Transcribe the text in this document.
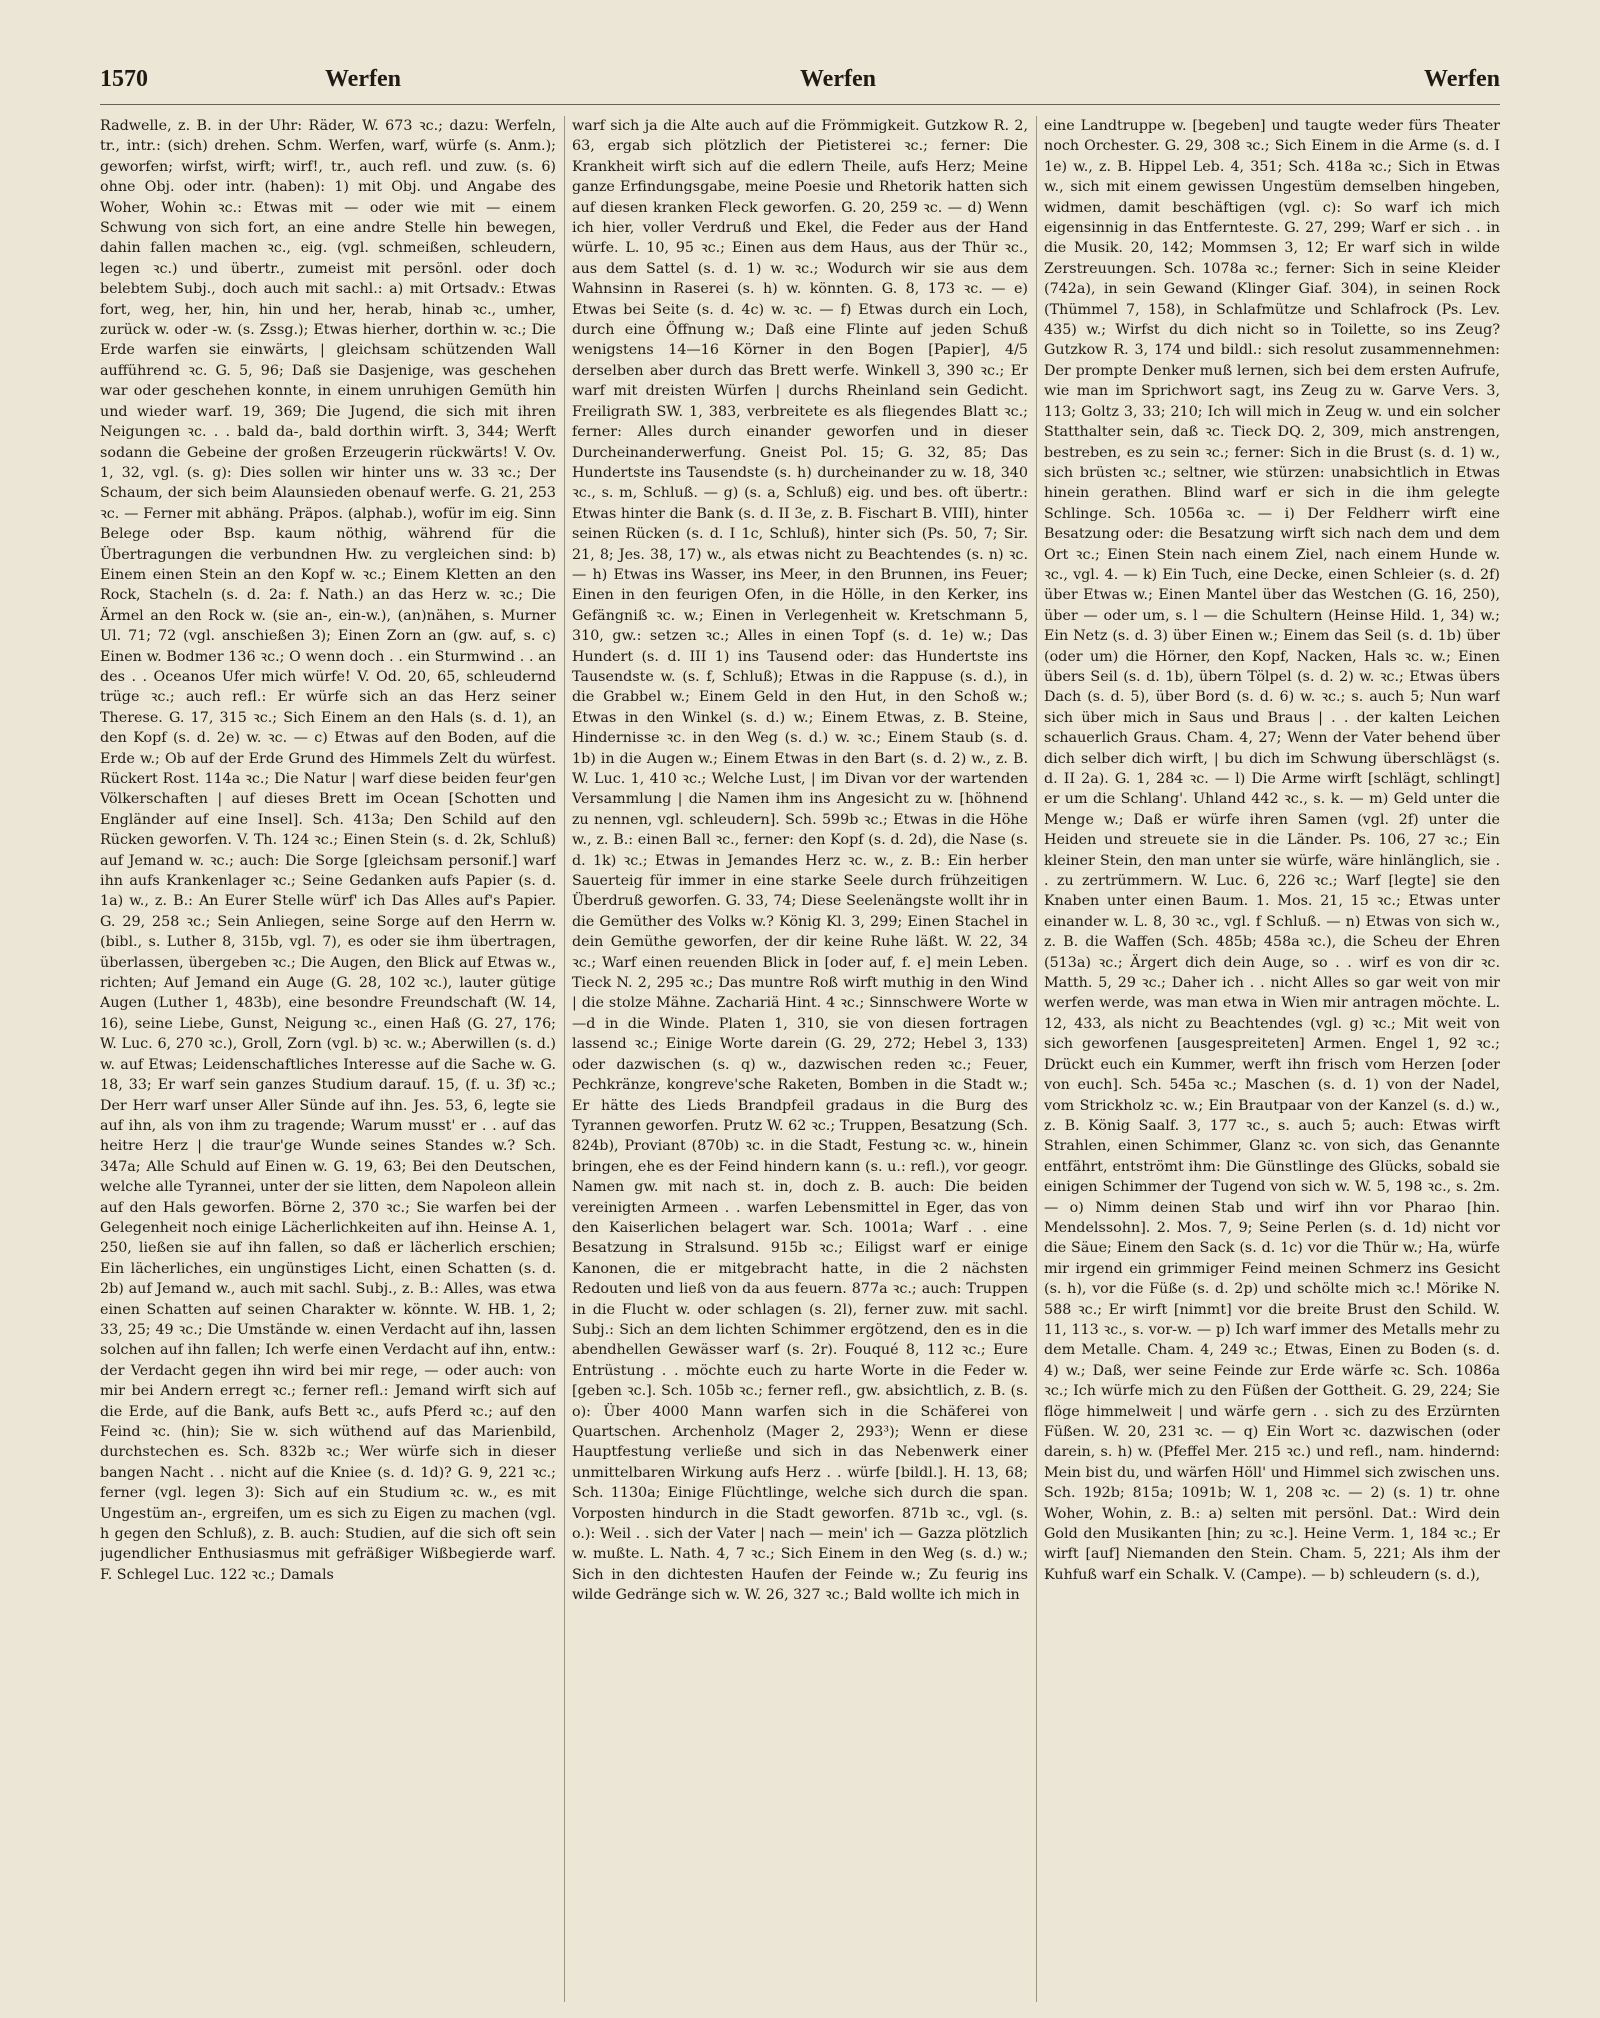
1570	Werfen	Werfen	Werfen

Radwelle, z. B. in der Uhr: Räder, W. 673 ꝛc.; dazu: Werfeln, tr., intr.: (sich) drehen. Schm. Werfen, warf, würfe (s. Anm.); geworfen; wirfst, wirft; wirf!, tr., auch refl. und zuw. (s. 6) ohne Obj. oder intr. (haben): 1) mit Obj. und Angabe des Woher, Wohin ꝛc.: Etwas mit — oder wie mit — einem Schwung von sich fort, an eine andre Stelle hin bewegen, dahin fallen machen ꝛc., eig. (vgl. schmeißen, schleudern, legen ꝛc.) und übertr., zumeist mit persönl. oder doch belebtem Subj., doch auch mit sachl.: a) mit Ortsadv.: Etwas fort, weg, her, hin, hin und her, herab, hinab ꝛc., umher, zurück w. oder -w. (s. Zssg.); Etwas hierher, dorthin w. ꝛc.; Die Erde warfen sie einwärts, | gleichsam schützenden Wall aufführend ꝛc. G. 5, 96; Daß sie Dasjenige, was geschehen war oder geschehen konnte, in einem unruhigen Gemüth hin und wieder warf. 19, 369; Die Jugend, die sich mit ihren Neigungen ꝛc. . . bald da-, bald dorthin wirft. 3, 344; Werft sodann die Gebeine der großen Erzeugerin rückwärts! V. Ov. 1, 32, vgl. (s. g): Dies sollen wir hinter uns w. 33 ꝛc.; Der Schaum, der sich beim Alaunsieden obenauf werfe. G. 21, 253 ꝛc. — Ferner mit abhäng. Präpos. (alphab.), wofür im eig. Sinn Belege oder Bsp. kaum nöthig, während für die Übertragungen die verbundnen Hw. zu vergleichen sind: b) Einem einen Stein an den Kopf w. ꝛc.; Einem Kletten an den Rock, Stacheln (s. d. 2a: f. Nath.) an das Herz w. ꝛc.; Die Ärmel an den Rock w. (sie an-, ein-w.), (an)nähen, s. Murner Ul. 71; 72 (vgl. anschießen 3); Einen Zorn an (gw. auf, s. c) Einen w. Bodmer 136 ꝛc.; O wenn doch . . ein Sturmwind . . an des . . Oceanos Ufer mich würfe! V. Od. 20, 65, schleudernd trüge ꝛc.; auch refl.: Er würfe sich an das Herz seiner Therese. G. 17, 315 ꝛc.; Sich Einem an den Hals (s. d. 1), an den Kopf (s. d. 2e) w. ꝛc. — c) Etwas auf den Boden, auf die Erde w.; Ob auf der Erde Grund des Himmels Zelt du würfest. Rückert Rost. 114a ꝛc.; Die Natur | warf diese beiden feur'gen Völkerschaften | auf dieses Brett im Ocean [Schotten und Engländer auf eine Insel]. Sch. 413a; Den Schild auf den Rücken geworfen. V. Th. 124 ꝛc.; Einen Stein (s. d. 2k, Schluß) auf Jemand w. ꝛc.; auch: Die Sorge [gleichsam personif.] warf ihn aufs Krankenlager ꝛc.; Seine Gedanken aufs Papier (s. d. 1a) w., z. B.: An Eurer Stelle würf' ich Das Alles auf's Papier. G. 29, 258 ꝛc.; Sein Anliegen, seine Sorge auf den Herrn w. (bibl., s. Luther 8, 315b, vgl. 7), es oder sie ihm übertragen, überlassen, übergeben ꝛc.; Die Augen, den Blick auf Etwas w., richten; Auf Jemand ein Auge (G. 28, 102 ꝛc.), lauter gütige Augen (Luther 1, 483b), eine besondre Freundschaft (W. 14, 16), seine Liebe, Gunst, Neigung ꝛc., einen Haß (G. 27, 176; W. Luc. 6, 270 ꝛc.), Groll, Zorn (vgl. b) ꝛc. w.; Aberwillen (s. d.) w. auf Etwas; Leidenschaftliches Interesse auf die Sache w. G. 18, 33; Er warf sein ganzes Studium darauf. 15, (f. u. 3f) ꝛc.; Der Herr warf unser Aller Sünde auf ihn. Jes. 53, 6, legte sie auf ihn, als von ihm zu tragende; Warum musst' er . . auf das heitre Herz | die traur'ge Wunde seines Standes w.? Sch. 347a; Alle Schuld auf Einen w. G. 19, 63; Bei den Deutschen, welche alle Tyrannei, unter der sie litten, dem Napoleon allein auf den Hals geworfen. Börne 2, 370 ꝛc.; Sie warfen bei der Gelegenheit noch einige Lächerlichkeiten auf ihn. Heinse A. 1, 250, ließen sie auf ihn fallen, so daß er lächerlich erschien; Ein lächerliches, ein ungünstiges Licht, einen Schatten (s. d. 2b) auf Jemand w., auch mit sachl. Subj., z. B.: Alles, was etwa einen Schatten auf seinen Charakter w. könnte. W. HB. 1, 2; 33, 25; 49 ꝛc.; Die Umstände w. einen Verdacht auf ihn, lassen solchen auf ihn fallen; Ich werfe einen Verdacht auf ihn, entw.: der Verdacht gegen ihn wird bei mir rege, — oder auch: von mir bei Andern erregt ꝛc.; ferner refl.: Jemand wirft sich auf die Erde, auf die Bank, aufs Bett ꝛc., aufs Pferd ꝛc.; auf den Feind ꝛc. (hin); Sie w. sich wüthend auf das Marienbild, durchstechen es. Sch. 832b ꝛc.; Wer würfe sich in dieser bangen Nacht . . nicht auf die Kniee (s. d. 1d)? G. 9, 221 ꝛc.; ferner (vgl. legen 3): Sich auf ein Studium ꝛc. w., es mit Ungestüm an-, ergreifen, um es sich zu Eigen zu machen (vgl. h gegen den Schluß), z. B. auch: Studien, auf die sich oft sein jugendlicher Enthusiasmus mit gefräßiger Wißbegierde warf. F. Schlegel Luc. 122 ꝛc.; Damals

warf sich ja die Alte auch auf die Frömmigkeit. Gutzkow R. 2, 63, ergab sich plötzlich der Pietisterei ꝛc.; ferner: Die Krankheit wirft sich auf die edlern Theile, aufs Herz; Meine ganze Erfindungsgabe, meine Poesie und Rhetorik hatten sich auf diesen kranken Fleck geworfen. G. 20, 259 ꝛc. — d) Wenn ich hier, voller Verdruß und Ekel, die Feder aus der Hand würfe. L. 10, 95 ꝛc.; Einen aus dem Haus, aus der Thür ꝛc., aus dem Sattel (s. d. 1) w. ꝛc.; Wodurch wir sie aus dem Wahnsinn in Raserei (s. h) w. könnten. G. 8, 173 ꝛc. — e) Etwas bei Seite (s. d. 4c) w. ꝛc. — f) Etwas durch ein Loch, durch eine Öffnung w.; Daß eine Flinte auf jeden Schuß wenigstens 14—16 Körner in den Bogen [Papier], 4/5 derselben aber durch das Brett werfe. Winkell 3, 390 ꝛc.; Er warf mit dreisten Würfen | durchs Rheinland sein Gedicht. Freiligrath SW. 1, 383, verbreitete es als fliegendes Blatt ꝛc.; ferner: Alles durch einander geworfen und in dieser Durcheinanderwerfung. Gneist Pol. 15; G. 32, 85; Das Hundertste ins Tausendste (s. h) durcheinander zu w. 18, 340 ꝛc., s. m, Schluß. — g) (s. a, Schluß) eig. und bes. oft übertr.: Etwas hinter die Bank (s. d. II 3e, z. B. Fischart B. VIII), hinter seinen Rücken (s. d. I 1c, Schluß), hinter sich (Ps. 50, 7; Sir. 21, 8; Jes. 38, 17) w., als etwas nicht zu Beachtendes (s. n) ꝛc. — h) Etwas ins Wasser, ins Meer, in den Brunnen, ins Feuer; Einen in den feurigen Ofen, in die Hölle, in den Kerker, ins Gefängniß ꝛc. w.; Einen in Verlegenheit w. Kretschmann 5, 310, gw.: setzen ꝛc.; Alles in einen Topf (s. d. 1e) w.; Das Hundert (s. d. III 1) ins Tausend oder: das Hundertste ins Tausendste w. (s. f, Schluß); Etwas in die Rappuse (s. d.), in die Grabbel w.; Einem Geld in den Hut, in den Schoß w.; Etwas in den Winkel (s. d.) w.; Einem Etwas, z. B. Steine, Hindernisse ꝛc. in den Weg (s. d.) w. ꝛc.; Einem Staub (s. d. 1b) in die Augen w.; Einem Etwas in den Bart (s. d. 2) w., z. B. W. Luc. 1, 410 ꝛc.; Welche Lust, | im Divan vor der wartenden Versammlung | die Namen ihm ins Angesicht zu w. [höhnend zu nennen, vgl. schleudern]. Sch. 599b ꝛc.; Etwas in die Höhe w., z. B.: einen Ball ꝛc., ferner: den Kopf (s. d. 2d), die Nase (s. d. 1k) ꝛc.; Etwas in Jemandes Herz ꝛc. w., z. B.: Ein herber Sauerteig für immer in eine starke Seele durch frühzeitigen Überdruß geworfen. G. 33, 74; Diese Seelenängste wollt ihr in die Gemüther des Volks w.? König Kl. 3, 299; Einen Stachel in dein Gemüthe geworfen, der dir keine Ruhe läßt. W. 22, 34 ꝛc.; Warf einen reuenden Blick in [oder auf, f. e] mein Leben. Tieck N. 2, 295 ꝛc.; Das muntre Roß wirft muthig in den Wind | die stolze Mähne. Zachariä Hint. 4 ꝛc.; Sinnschwere Worte w—d in die Winde. Platen 1, 310, sie von diesen fortragen lassend ꝛc.; Einige Worte darein (G. 29, 272; Hebel 3, 133) oder dazwischen (s. q) w., dazwischen reden ꝛc.; Feuer, Pechkränze, kongreve'sche Raketen, Bomben in die Stadt w.; Er hätte des Lieds Brandpfeil gradaus in die Burg des Tyrannen geworfen. Prutz W. 62 ꝛc.; Truppen, Besatzung (Sch. 824b), Proviant (870b) ꝛc. in die Stadt, Festung ꝛc. w., hinein bringen, ehe es der Feind hindern kann (s. u.: refl.), vor geogr. Namen gw. mit nach st. in, doch z. B. auch: Die beiden vereinigten Armeen . . warfen Lebensmittel in Eger, das von den Kaiserlichen belagert war. Sch. 1001a; Warf . . eine Besatzung in Stralsund. 915b ꝛc.; Eiligst warf er einige Kanonen, die er mitgebracht hatte, in die 2 nächsten Redouten und ließ von da aus feuern. 877a ꝛc.; auch: Truppen in die Flucht w. oder schlagen (s. 2l), ferner zuw. mit sachl. Subj.: Sich an dem lichten Schimmer ergötzend, den es in die abendhellen Gewässer warf (s. 2r). Fouqué 8, 112 ꝛc.; Eure Entrüstung . . möchte euch zu harte Worte in die Feder w. [geben ꝛc.]. Sch. 105b ꝛc.; ferner refl., gw. absichtlich, z. B. (s. o): Über 4000 Mann warfen sich in die Schäferei von Quartschen. Archenholz (Mager 2, 293³); Wenn er diese Hauptfestung verließe und sich in das Nebenwerk einer unmittelbaren Wirkung aufs Herz . . würfe [bildl.]. H. 13, 68; Sch. 1130a; Einige Flüchtlinge, welche sich durch die span. Vorposten hindurch in die Stadt geworfen. 871b ꝛc., vgl. (s. o.): Weil . . sich der Vater | nach — mein' ich — Gazza plötzlich w. mußte. L. Nath. 4, 7 ꝛc.; Sich Einem in den Weg (s. d.) w.; Sich in den dichtesten Haufen der Feinde w.; Zu feurig ins wilde Gedränge sich w. W. 26, 327 ꝛc.; Bald wollte ich mich in

eine Landtruppe w. [begeben] und taugte weder fürs Theater noch Orchester. G. 29, 308 ꝛc.; Sich Einem in die Arme (s. d. I 1e) w., z. B. Hippel Leb. 4, 351; Sch. 418a ꝛc.; Sich in Etwas w., sich mit einem gewissen Ungestüm demselben hingeben, widmen, damit beschäftigen (vgl. c): So warf ich mich eigensinnig in das Entfernteste. G. 27, 299; Warf er sich . . in die Musik. 20, 142; Mommsen 3, 12; Er warf sich in wilde Zerstreuungen. Sch. 1078a ꝛc.; ferner: Sich in seine Kleider (742a), in sein Gewand (Klinger Giaf. 304), in seinen Rock (Thümmel 7, 158), in Schlafmütze und Schlafrock (Ps. Lev. 435) w.; Wirfst du dich nicht so in Toilette, so ins Zeug? Gutzkow R. 3, 174 und bildl.: sich resolut zusammennehmen: Der prompte Denker muß lernen, sich bei dem ersten Aufrufe, wie man im Sprichwort sagt, ins Zeug zu w. Garve Vers. 3, 113; Goltz 3, 33; 210; Ich will mich in Zeug w. und ein solcher Statthalter sein, daß ꝛc. Tieck DQ. 2, 309, mich anstrengen, bestreben, es zu sein ꝛc.; ferner: Sich in die Brust (s. d. 1) w., sich brüsten ꝛc.; seltner, wie stürzen: unabsichtlich in Etwas hinein gerathen. Blind warf er sich in die ihm gelegte Schlinge. Sch. 1056a ꝛc. — i) Der Feldherr wirft eine Besatzung oder: die Besatzung wirft sich nach dem und dem Ort ꝛc.; Einen Stein nach einem Ziel, nach einem Hunde w. ꝛc., vgl. 4. — k) Ein Tuch, eine Decke, einen Schleier (s. d. 2f) über Etwas w.; Einen Mantel über das Westchen (G. 16, 250), über — oder um, s. l — die Schultern (Heinse Hild. 1, 34) w.; Ein Netz (s. d. 3) über Einen w.; Einem das Seil (s. d. 1b) über (oder um) die Hörner, den Kopf, Nacken, Hals ꝛc. w.; Einen übers Seil (s. d. 1b), übern Tölpel (s. d. 2) w. ꝛc.; Etwas übers Dach (s. d. 5), über Bord (s. d. 6) w. ꝛc.; s. auch 5; Nun warf sich über mich in Saus und Braus | . . der kalten Leichen schauerlich Graus. Cham. 4, 27; Wenn der Vater behend über dich selber dich wirft, | bu dich im Schwung überschlägst (s. d. II 2a). G. 1, 284 ꝛc. — l) Die Arme wirft [schlägt, schlingt] er um die Schlang'. Uhland 442 ꝛc., s. k. — m) Geld unter die Menge w.; Daß er würfe ihren Samen (vgl. 2f) unter die Heiden und streuete sie in die Länder. Ps. 106, 27 ꝛc.; Ein kleiner Stein, den man unter sie würfe, wäre hinlänglich, sie . . zu zertrümmern. W. Luc. 6, 226 ꝛc.; Warf [legte] sie den Knaben unter einen Baum. 1. Mos. 21, 15 ꝛc.; Etwas unter einander w. L. 8, 30 ꝛc., vgl. f Schluß. — n) Etwas von sich w., z. B. die Waffen (Sch. 485b; 458a ꝛc.), die Scheu der Ehren (513a) ꝛc.; Ärgert dich dein Auge, so . . wirf es von dir ꝛc. Matth. 5, 29 ꝛc.; Daher ich . . nicht Alles so gar weit von mir werfen werde, was man etwa in Wien mir antragen möchte. L. 12, 433, als nicht zu Beachtendes (vgl. g) ꝛc.; Mit weit von sich geworfenen [ausgespreiteten] Armen. Engel 1, 92 ꝛc.; Drückt euch ein Kummer, werft ihn frisch vom Herzen [oder von euch]. Sch. 545a ꝛc.; Maschen (s. d. 1) von der Nadel, vom Strickholz ꝛc. w.; Ein Brautpaar von der Kanzel (s. d.) w., z. B. König Saalf. 3, 177 ꝛc., s. auch 5; auch: Etwas wirft Strahlen, einen Schimmer, Glanz ꝛc. von sich, das Genannte entfährt, entströmt ihm: Die Günstlinge des Glücks, sobald sie einigen Schimmer der Tugend von sich w. W. 5, 198 ꝛc., s. 2m. — o) Nimm deinen Stab und wirf ihn vor Pharao [hin. Mendelssohn]. 2. Mos. 7, 9; Seine Perlen (s. d. 1d) nicht vor die Säue; Einem den Sack (s. d. 1c) vor die Thür w.; Ha, würfe mir irgend ein grimmiger Feind meinen Schmerz ins Gesicht (s. h), vor die Füße (s. d. 2p) und schölte mich ꝛc.! Mörike N. 588 ꝛc.; Er wirft [nimmt] vor die breite Brust den Schild. W. 11, 113 ꝛc., s. vor-w. — p) Ich warf immer des Metalls mehr zu dem Metalle. Cham. 4, 249 ꝛc.; Etwas, Einen zu Boden (s. d. 4) w.; Daß, wer seine Feinde zur Erde wärfe ꝛc. Sch. 1086a ꝛc.; Ich würfe mich zu den Füßen der Gottheit. G. 29, 224; Sie flöge himmelweit | und wärfe gern . . sich zu des Erzürnten Füßen. W. 20, 231 ꝛc. — q) Ein Wort ꝛc. dazwischen (oder darein, s. h) w. (Pfeffel Mer. 215 ꝛc.) und refl., nam. hindernd: Mein bist du, und wärfen Höll' und Himmel sich zwischen uns. Sch. 192b; 815a; 1091b; W. 1, 208 ꝛc. — 2) (s. 1) tr. ohne Woher, Wohin, z. B.: a) selten mit persönl. Dat.: Wird dein Gold den Musikanten [hin; zu ꝛc.]. Heine Verm. 1, 184 ꝛc.; Er wirft [auf] Niemanden den Stein. Cham. 5, 221; Als ihm der Kuhfuß warf ein Schalk. V. (Campe). — b) schleudern (s. d.),
